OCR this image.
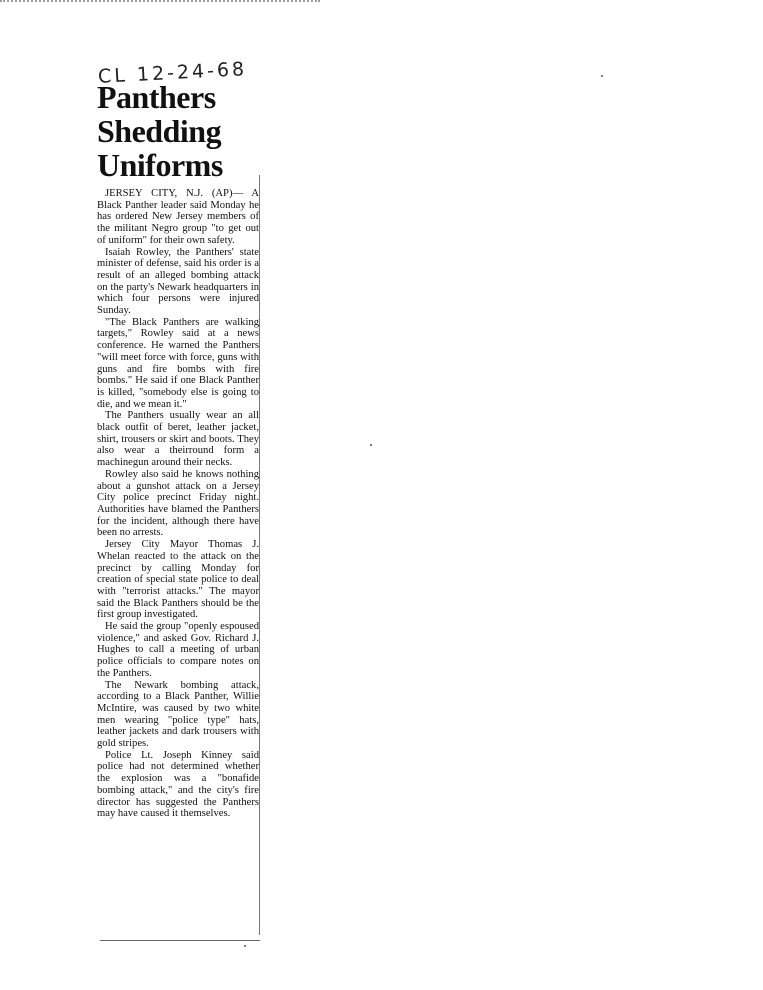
CL 12-24-68
Panthers
Shedding
Uniforms

JERSEY CITY, N.J. (AP)— A Black Panther leader said Monday he has ordered New Jersey members of the militant Negro group "to get out of uniform" for their own safety.

Isaiah Rowley, the Panthers' state minister of defense, said his order is a result of an alleged bombing attack on the party's Newark headquarters in which four persons were injured Sunday.

"The Black Panthers are walking targets," Rowley said at a news conference. He warned the Panthers "will meet force with force, guns with guns and fire bombs with fire bombs." He said if one Black Panther is killed, "somebody else is going to die, and we mean it."

The Panthers usually wear an all black outfit of beret, leather jacket, shirt, trousers or skirt and boots. They also wear a theirround form a machinegun around their necks.

Rowley also said he knows nothing about a gunshot attack on a Jersey City police precinct Friday night. Authorities have blamed the Panthers for the incident, although there have been no arrests.

Jersey City Mayor Thomas J. Whelan reacted to the attack on the precinct by calling Monday for creation of special state police to deal with "terrorist attacks." The mayor said the Black Panthers should be the first group investigated.

He said the group "openly espoused violence," and asked Gov. Richard J. Hughes to call a meeting of urban police officials to compare notes on the Panthers.

The Newark bombing attack, according to a Black Panther, Willie McIntire, was caused by two white men wearing "police type" hats, leather jackets and dark trousers with gold stripes.

Police Lt. Joseph Kinney said police had not determined whether the explosion was a "bonafide bombing attack," and the city's fire director has suggested the Panthers may have caused it themselves.
